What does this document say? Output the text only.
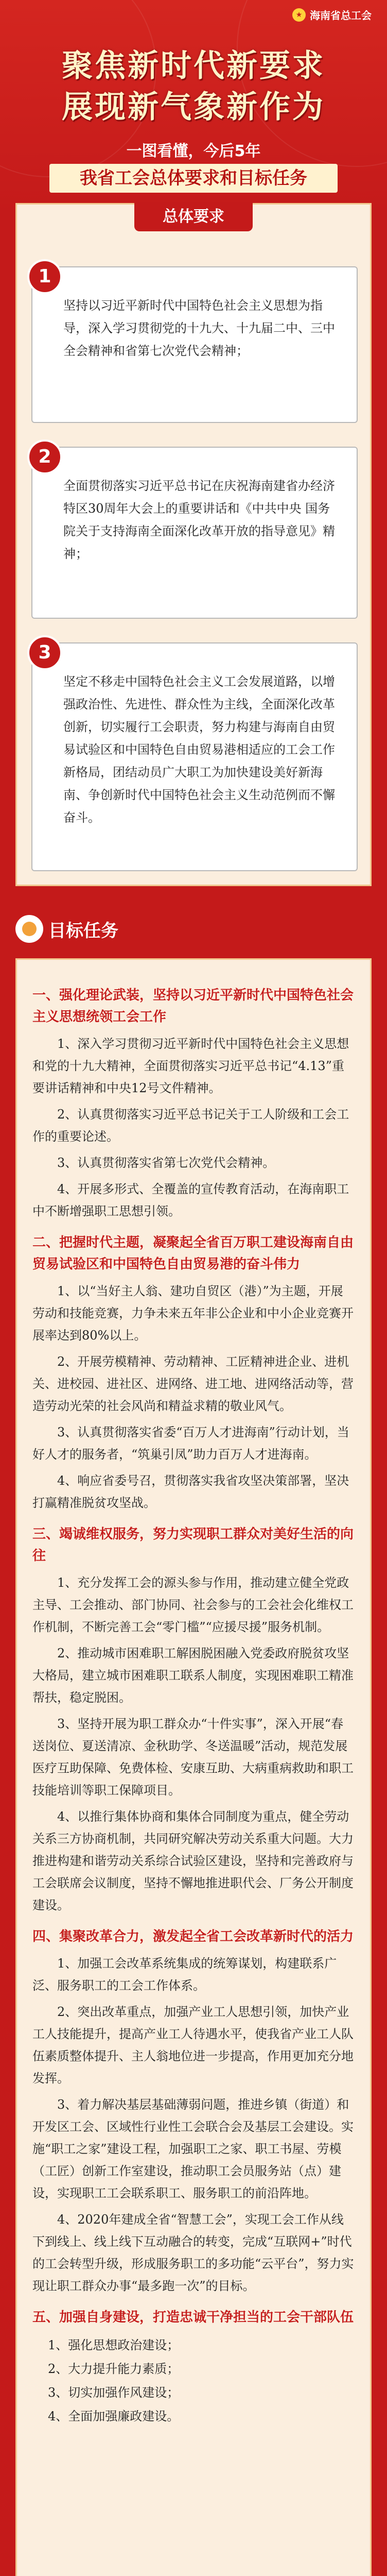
★ 海南省总工会
聚焦新时代新要求
展现新气象新作为
一图看懂，今后5年
我省工会总体要求和目标任务
总体要求
1
坚持以习近平新时代中国特色社会主义思想为指导，深入学习贯彻党的十九大、十九届二中、三中全会精神和省第七次党代会精神；
2
全面贯彻落实习近平总书记在庆祝海南建省办经济特区30周年大会上的重要讲话和《中共中央 国务院关于支持海南全面深化改革开放的指导意见》精神；
3
坚定不移走中国特色社会主义工会发展道路，以增强政治性、先进性、群众性为主线，全面深化改革创新，切实履行工会职责，努力构建与海南自由贸易试验区和中国特色自由贸易港相适应的工会工作新格局，团结动员广大职工为加快建设美好新海南、争创新时代中国特色社会主义生动范例而不懈奋斗。
目标任务
一、强化理论武装，坚持以习近平新时代中国特色社会主义思想统领工会工作

1、深入学习贯彻习近平新时代中国特色社会主义思想和党的十九大精神，全面贯彻落实习近平总书记“4.13”重要讲话精神和中央12号文件精神。

2、认真贯彻落实习近平总书记关于工人阶级和工会工作的重要论述。

3、认真贯彻落实省第七次党代会精神。

4、开展多形式、全覆盖的宣传教育活动，在海南职工中不断增强职工思想引领。

二、把握时代主题，凝聚起全省百万职工建设海南自由贸易试验区和中国特色自由贸易港的奋斗伟力

1、以“当好主人翁、建功自贸区（港）”为主题，开展劳动和技能竞赛，力争未来五年非公企业和中小企业竞赛开展率达到80%以上。

2、开展劳模精神、劳动精神、工匠精神进企业、进机关、进校园、进社区、进网络、进工地、进网络活动等，营造劳动光荣的社会风尚和精益求精的敬业风气。

3、认真贯彻落实省委“百万人才进海南”行动计划，当好人才的服务者，“筑巢引凤”助力百万人才进海南。

4、响应省委号召，贯彻落实我省攻坚决策部署，坚决打赢精准脱贫攻坚战。

三、竭诚维权服务，努力实现职工群众对美好生活的向往

1、充分发挥工会的源头参与作用，推动建立健全党政主导、工会推动、部门协同、社会参与的工会社会化维权工作机制，不断完善工会“零门槛”“应援尽援”服务机制。

2、推动城市困难职工解困脱困融入党委政府脱贫攻坚大格局，建立城市困难职工联系人制度，实现困难职工精准帮扶，稳定脱困。

3、坚持开展为职工群众办“十件实事”，深入开展“春送岗位、夏送清凉、金秋助学、冬送温暖”活动，规范发展医疗互助保障、免费体检、安康互助、大病重病救助和职工技能培训等职工保障项目。

4、以推行集体协商和集体合同制度为重点，健全劳动关系三方协商机制，共同研究解决劳动关系重大问题。大力推进构建和谐劳动关系综合试验区建设，坚持和完善政府与工会联席会议制度，坚持不懈地推进职代会、厂务公开制度建设。

四、集聚改革合力，激发起全省工会改革新时代的活力

1、加强工会改革系统集成的统筹谋划，构建联系广泛、服务职工的工会工作体系。

2、突出改革重点，加强产业工人思想引领，加快产业工人技能提升，提高产业工人待遇水平，使我省产业工人队伍素质整体提升、主人翁地位进一步提高，作用更加充分地发挥。

3、着力解决基层基础薄弱问题，推进乡镇（街道）和开发区工会、区域性行业性工会联合会及基层工会建设。实施“职工之家”建设工程，加强职工之家、职工书屋、劳模（工匠）创新工作室建设，推动职工会员服务站（点）建设，实现职工工会联系职工、服务职工的前沿阵地。

4、2020年建成全省“智慧工会”，实现工会工作从线下到线上、线上线下互动融合的转变，完成“互联网+”时代的工会转型升级，形成服务职工的多功能“云平台”，努力实现让职工群众办事“最多跑一次”的目标。

五、加强自身建设，打造忠诚干净担当的工会干部队伍

1、强化思想政治建设；

2、大力提升能力素质；

3、切实加强作风建设；

4、全面加强廉政建设。
